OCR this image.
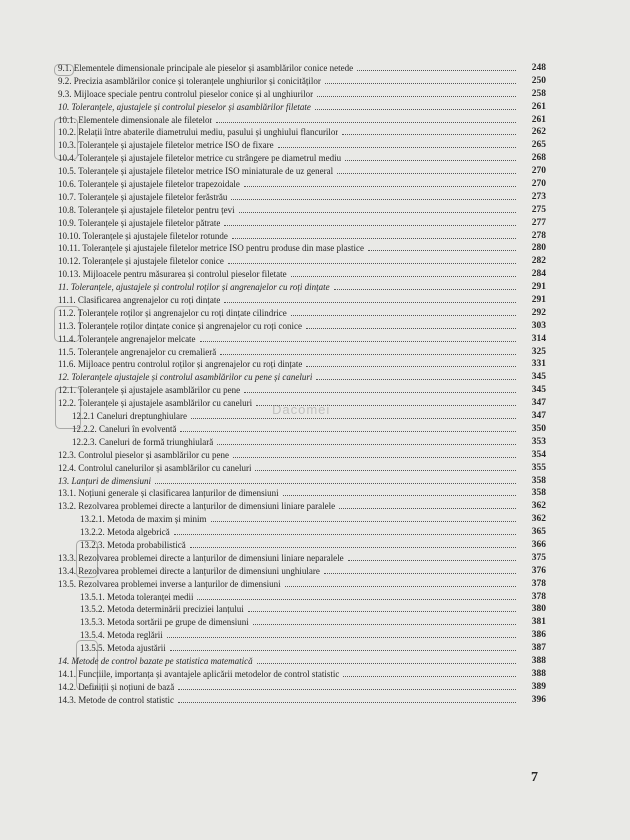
9.1. Elementele dimensionale principale ale pieselor și asamblărilor conice netede	248
9.2. Precizia asamblărilor conice și toleranțele unghiurilor și conicităților	250
9.3. Mijloace speciale pentru controlul pieselor conice și al unghiurilor	258
10. Toleranțele, ajustajele și controlul pieselor și asamblărilor filetate	261
10.1. Elementele dimensionale ale filetelor	261
10.2. Relații între abaterile diametrului mediu, pasului și unghiului flancurilor	262
10.3. Toleranțele și ajustajele filetelor metrice ISO de fixare	265
10.4. Toleranțele și ajustajele filetelor metrice cu strângere pe diametrul mediu	268
10.5. Toleranțele și ajustajele filetelor metrice ISO miniaturale de uz general	270
10.6. Toleranțele și ajustajele filetelor trapezoidale	270
10.7. Toleranțele și ajustajele filetelor ferăstrău	273
10.8. Toleranțele și ajustajele filetelor pentru țevi	275
10.9. Toleranțele și ajustajele filetelor pătrate	277
10.10. Toleranțele și ajustajele filetelor rotunde	278
10.11. Toleranțele și ajustajele filetelor metrice ISO pentru produse din mase plastice	280
10.12. Toleranțele și ajustajele filetelor conice	282
10.13. Mijloacele pentru măsurarea și controlul pieselor filetate	284
11. Toleranțele, ajustajele și controlul roților și angrenajelor cu roți dințate	291
11.1. Clasificarea angrenajelor cu roți dințate	291
11.2. Toleranțele roților și angrenajelor cu roți dințate cilindrice	292
11.3. Toleranțele roților dințate conice și angrenajelor cu roți conice	303
11.4. Toleranțele angrenajelor melcate	314
11.5. Toleranțele angrenajelor cu cremalieră	325
11.6. Mijloace pentru controlul roților și angrenajelor cu roți dințate	331
12. Toleranțele ajustajele și controlul asamblărilor cu pene și caneluri	345
12.1. Toleranțele și ajustajele asamblărilor cu pene	345
12.2. Toleranțele și ajustajele asamblărilor cu caneluri	347
12.2.1 Caneluri dreptunghiulare	347
12.2.2. Caneluri în evolventă	350
12.2.3. Caneluri de formă triunghiulară	353
12.3. Controlul pieselor și asamblărilor cu pene	354
12.4. Controlul canelurilor și asamblărilor cu caneluri	355
13. Lanțuri de dimensiuni	358
13.1. Noțiuni generale și clasificarea lanțurilor de dimensiuni	358
13.2. Rezolvarea problemei directe a lanțurilor de dimensiuni liniare paralele	362
13.2.1. Metoda de maxim și minim	362
13.2.2. Metoda algebrică	365
13.2.3. Metoda probabilistică	366
13.3. Rezolvarea problemei directe a lanțurilor de dimensiuni liniare neparalele	375
13.4. Rezolvarea problemei directe a lanțurilor de dimensiuni unghiulare	376
13.5. Rezolvarea problemei inverse a lanțurilor de dimensiuni	378
13.5.1. Metoda toleranței medii	378
13.5.2. Metoda determinării preciziei lanțului	380
13.5.3. Metoda sortării pe grupe de dimensiuni	381
13.5.4. Metoda reglării	386
13.5.5. Metoda ajustării	387
14. Metode de control bazate pe statistica matematică	388
14.1. Funcțiile, importanța și avantajele aplicării metodelor de control statistic	388
14.2. Definiții și noțiuni de bază	389
14.3. Metode de control statistic	396
Dacomei
7
